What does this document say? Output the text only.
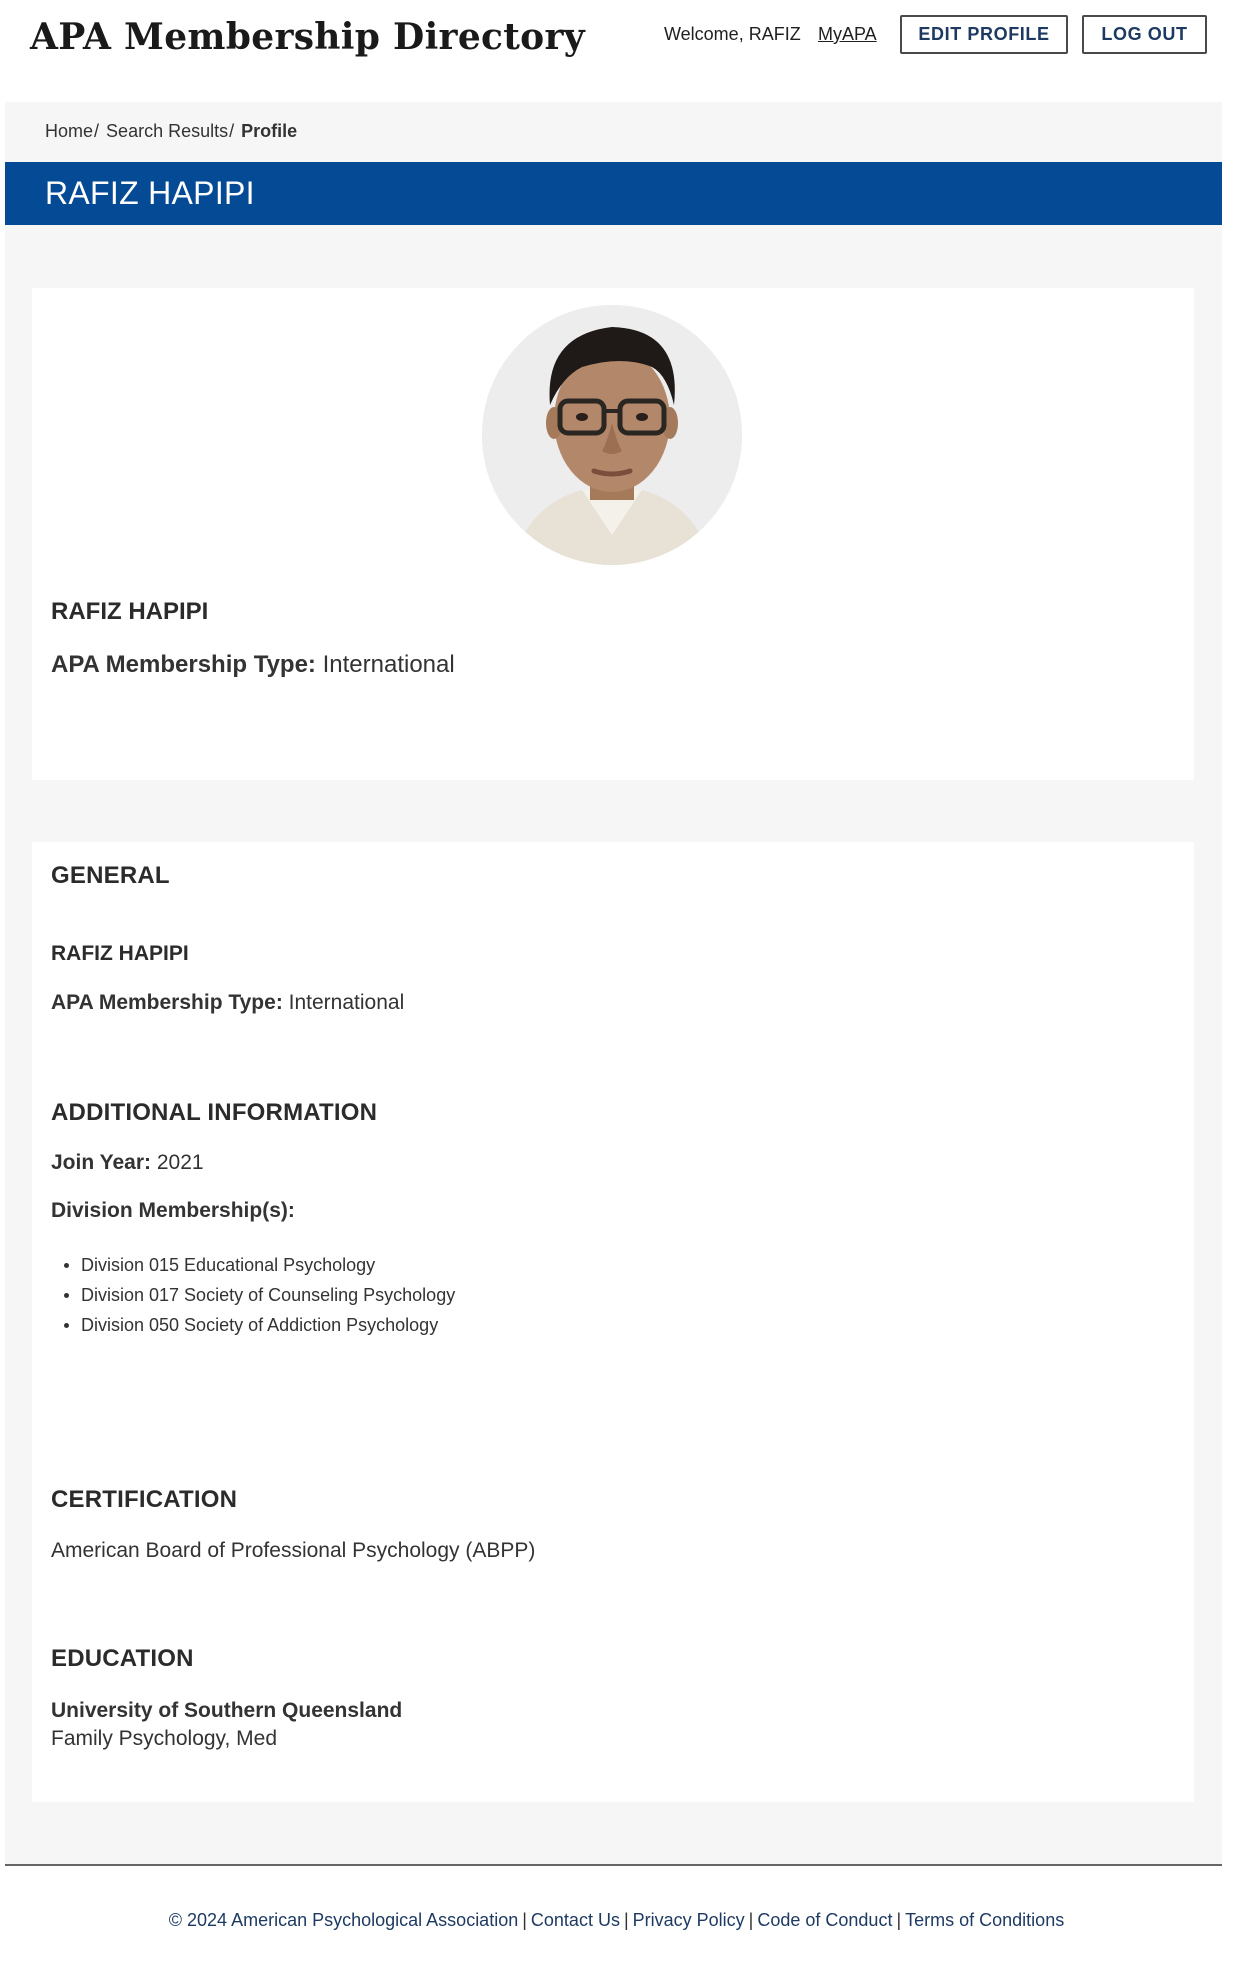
APA Membership Directory	Welcome, RAFIZ MyAPA	EDIT PROFILE	LOG OUT
Home/ Search Results/ Profile
RAFIZ HAPIPI
RAFIZ HAPIPI
APA Membership Type: International
GENERAL
RAFIZ HAPIPI
APA Membership Type: International
ADDITIONAL INFORMATION
Join Year: 2021
Division Membership(s):
Division 015 Educational Psychology
Division 017 Society of Counseling Psychology
Division 050 Society of Addiction Psychology
CERTIFICATION
American Board of Professional Psychology (ABPP)
EDUCATION
University of Southern Queensland
Family Psychology, Med
© 2024 American Psychological Association | Contact Us | Privacy Policy | Code of Conduct | Terms of Conditions
